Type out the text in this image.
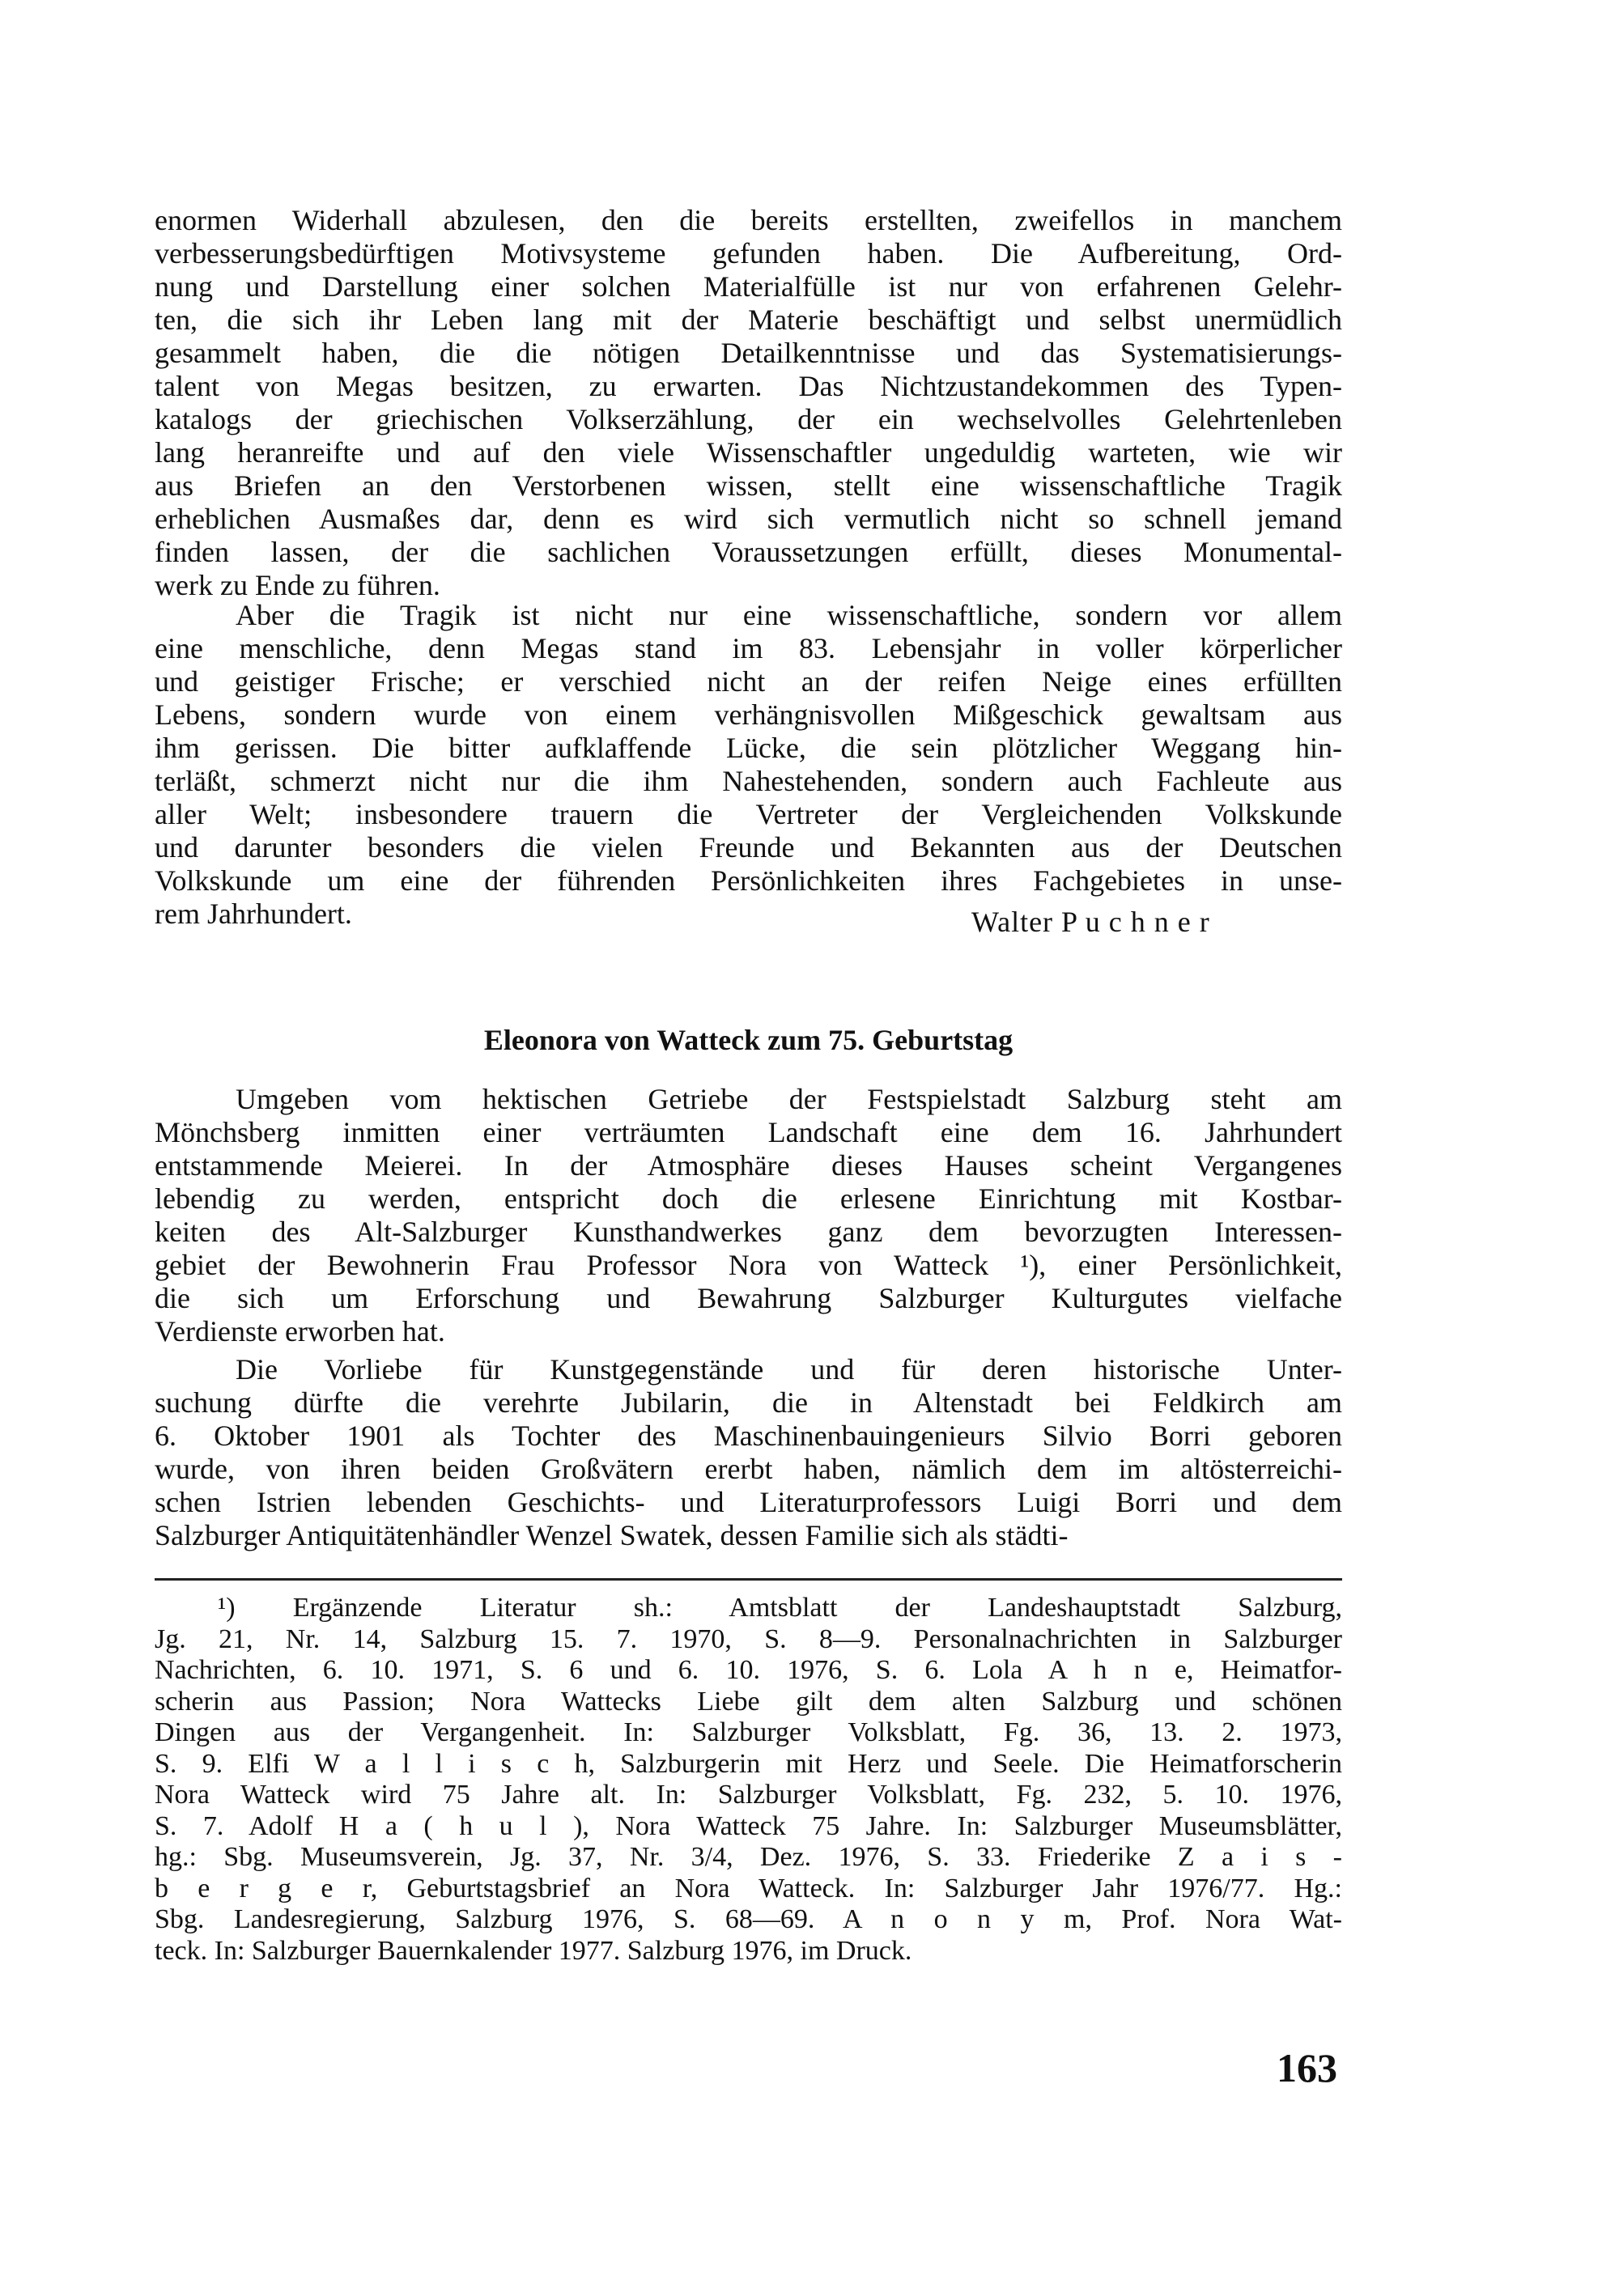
enormen Widerhall abzulesen, den die bereits erstellten, zweifellos in manchem
verbesserungsbedürftigen Motivsysteme gefunden haben. Die Aufbereitung, Ord-
nung und Darstellung einer solchen Materialfülle ist nur von erfahrenen Gelehr-
ten, die sich ihr Leben lang mit der Materie beschäftigt und selbst unermüdlich
gesammelt haben, die die nötigen Detailkenntnisse und das Systematisierungs-
talent von Megas besitzen, zu erwarten. Das Nichtzustandekommen des Typen-
katalogs der griechischen Volkserzählung, der ein wechselvolles Gelehrtenleben
lang heranreifte und auf den viele Wissenschaftler ungeduldig warteten, wie wir
aus Briefen an den Verstorbenen wissen, stellt eine wissenschaftliche Tragik
erheblichen Ausmaßes dar, denn es wird sich vermutlich nicht so schnell jemand
finden lassen, der die sachlichen Voraussetzungen erfüllt, dieses Monumental-
werk zu Ende zu führen.
Aber die Tragik ist nicht nur eine wissenschaftliche, sondern vor allem
eine menschliche, denn Megas stand im 83. Lebensjahr in voller körperlicher
und geistiger Frische; er verschied nicht an der reifen Neige eines erfüllten
Lebens, sondern wurde von einem verhängnisvollen Mißgeschick gewaltsam aus
ihm gerissen. Die bitter aufklaffende Lücke, die sein plötzlicher Weggang hin-
terläßt, schmerzt nicht nur die ihm Nahestehenden, sondern auch Fachleute aus
aller Welt; insbesondere trauern die Vertreter der Vergleichenden Volkskunde
und darunter besonders die vielen Freunde und Bekannten aus der Deutschen
Volkskunde um eine der führenden Persönlichkeiten ihres Fachgebietes in unse-
rem Jahrhundert.	Walter P u c h n e r
Eleonora von Watteck zum 75. Geburtstag
Umgeben vom hektischen Getriebe der Festspielstadt Salzburg steht am
Mönchsberg inmitten einer verträumten Landschaft eine dem 16. Jahrhundert
entstammende Meierei. In der Atmosphäre dieses Hauses scheint Vergangenes
lebendig zu werden, entspricht doch die erlesene Einrichtung mit Kostbar-
keiten des Alt-Salzburger Kunsthandwerkes ganz dem bevorzugten Interessen-
gebiet der Bewohnerin Frau Professor Nora von Watteck ¹), einer Persönlichkeit,
die sich um Erforschung und Bewahrung Salzburger Kulturgutes vielfache
Verdienste erworben hat.
Die Vorliebe für Kunstgegenstände und für deren historische Unter-
suchung dürfte die verehrte Jubilarin, die in Altenstadt bei Feldkirch am
6. Oktober 1901 als Tochter des Maschinenbauingenieurs Silvio Borri geboren
wurde, von ihren beiden Großvätern ererbt haben, nämlich dem im altösterreichi-
schen Istrien lebenden Geschichts- und Literaturprofessors Luigi Borri und dem
Salzburger Antiquitätenhändler Wenzel Swatek, dessen Familie sich als städti-
¹) Ergänzende Literatur sh.: Amtsblatt der Landeshauptstadt Salzburg,
Jg. 21, Nr. 14, Salzburg 15. 7. 1970, S. 8—9. Personalnachrichten in Salzburger
Nachrichten, 6. 10. 1971, S. 6 und 6. 10. 1976, S. 6. Lola A h n e, Heimatfor-
scherin aus Passion; Nora Wattecks Liebe gilt dem alten Salzburg und schönen
Dingen aus der Vergangenheit. In: Salzburger Volksblatt, Fg. 36, 13. 2. 1973,
S. 9. Elfi W a l l i s c h, Salzburgerin mit Herz und Seele. Die Heimatforscherin
Nora Watteck wird 75 Jahre alt. In: Salzburger Volksblatt, Fg. 232, 5. 10. 1976,
S. 7. Adolf H a ( h u l ), Nora Watteck 75 Jahre. In: Salzburger Museumsblätter,
hg.: Sbg. Museumsverein, Jg. 37, Nr. 3/4, Dez. 1976, S. 33. Friederike Z a i s -
b e r g e r, Geburtstagsbrief an Nora Watteck. In: Salzburger Jahr 1976/77. Hg.:
Sbg. Landesregierung, Salzburg 1976, S. 68—69. A n o n y m, Prof. Nora Wat-
teck. In: Salzburger Bauernkalender 1977. Salzburg 1976, im Druck.
163
